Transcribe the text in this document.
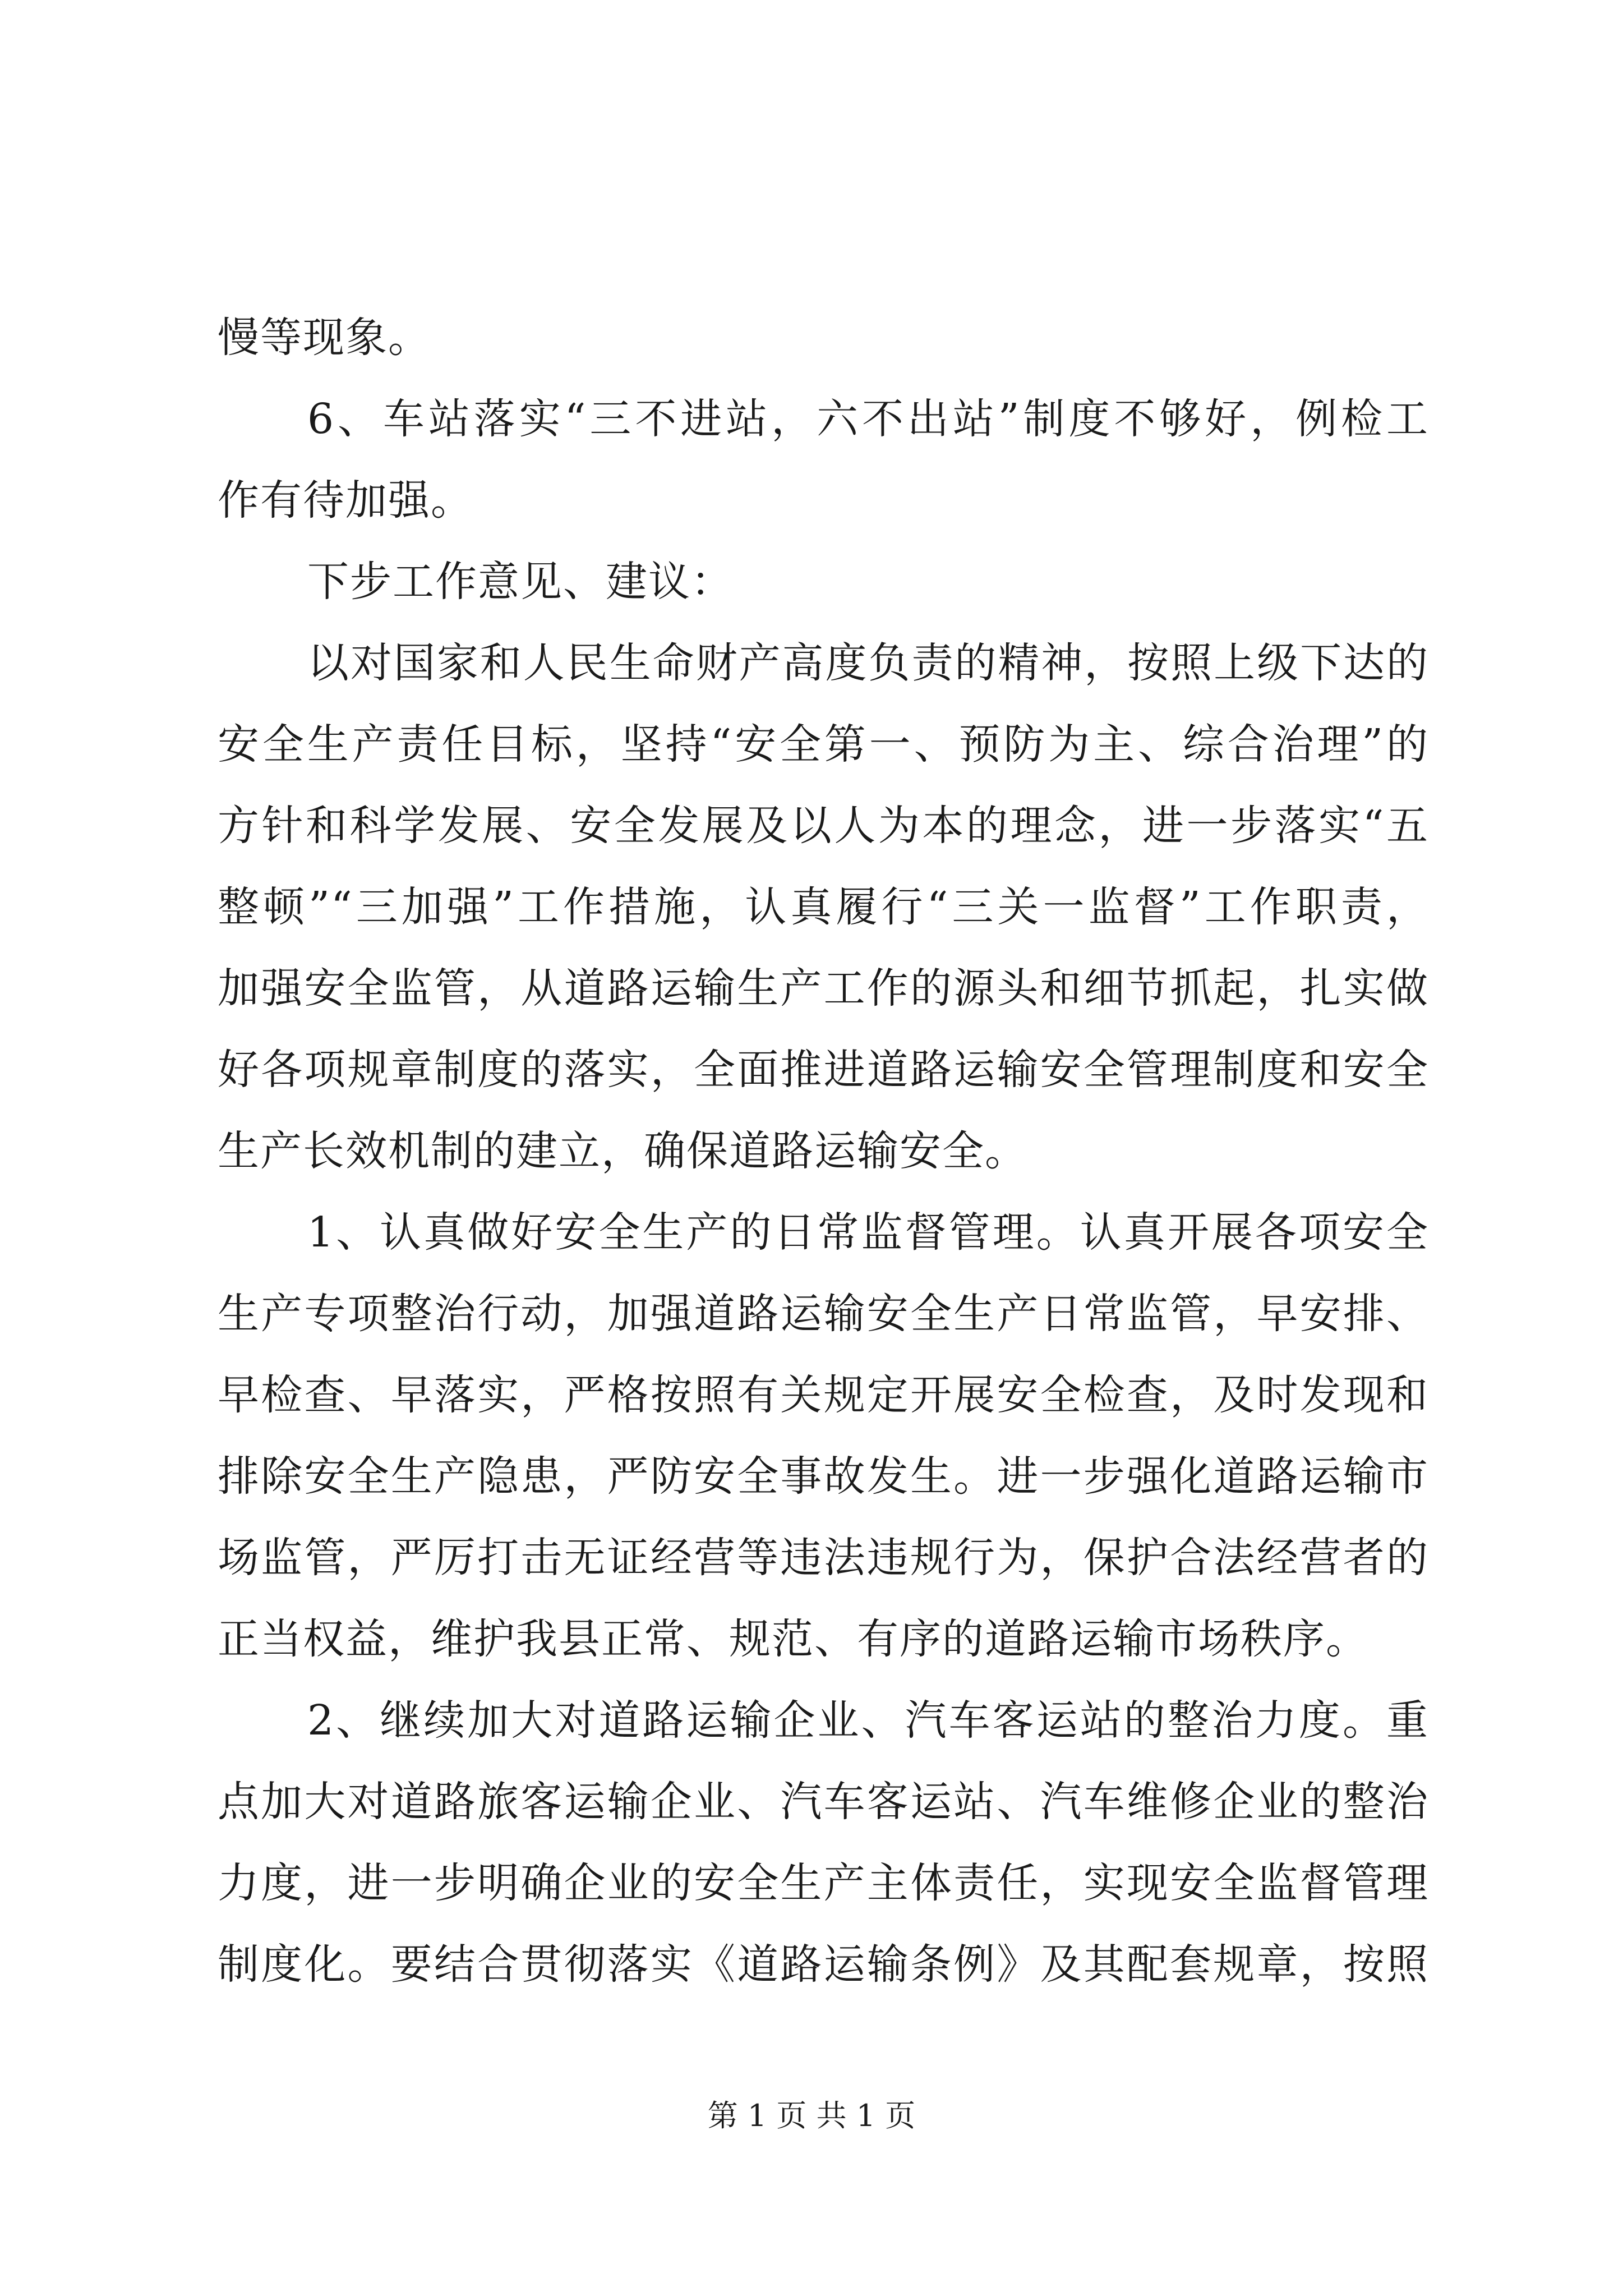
慢等现象。
6、车站落实“三不进站，六不出站”制度不够好，例检工
作有待加强。
下步工作意见、建议：
以对国家和人民生命财产高度负责的精神，按照上级下达的
安全生产责任目标，坚持“安全第一、预防为主、综合治理”的
方针和科学发展、安全发展及以人为本的理念，进一步落实“五
整顿”“三加强”工作措施，认真履行“三关一监督”工作职责，
加强安全监管，从道路运输生产工作的源头和细节抓起，扎实做
好各项规章制度的落实，全面推进道路运输安全管理制度和安全
生产长效机制的建立，确保道路运输安全。
1、认真做好安全生产的日常监督管理。认真开展各项安全
生产专项整治行动，加强道路运输安全生产日常监管，早安排、
早检查、早落实，严格按照有关规定开展安全检查，及时发现和
排除安全生产隐患，严防安全事故发生。进一步强化道路运输市
场监管，严厉打击无证经营等违法违规行为，保护合法经营者的
正当权益，维护我县正常、规范、有序的道路运输市场秩序。
2、继续加大对道路运输企业、汽车客运站的整治力度。重
点加大对道路旅客运输企业、汽车客运站、汽车维修企业的整治
力度，进一步明确企业的安全生产主体责任，实现安全监督管理
制度化。要结合贯彻落实《道路运输条例》及其配套规章，按照
第 1 页 共 1 页
